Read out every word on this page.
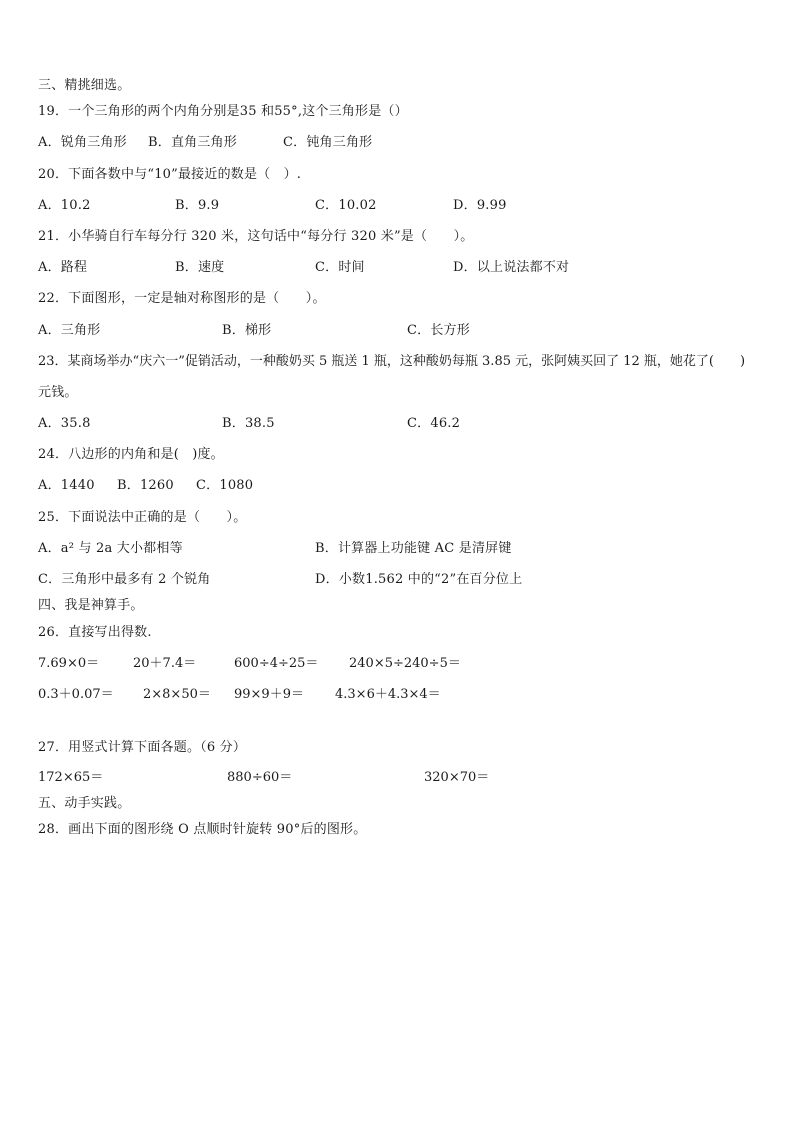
三、精挑细选。
19．一个三角形的两个内角分别是35 和55°,这个三角形是（）
A．锐角三角形 B．直角三角形	C．钝角三角形
20．下面各数中与“10”最接近的数是（　）.
A．10.2	B．9.9	C．10.02	D．9.99
21．小华骑自行车每分行 320 米，这句话中“每分行 320 米”是（　　）。
A．路程	B．速度	C．时间	D．以上说法都不对
22．下面图形，一定是轴对称图形的是（　　）。
A．三角形	B．梯形	C．长方形
23．某商场举办“庆六一”促销活动，一种酸奶买 5 瓶送 1 瓶，这种酸奶每瓶 3.85 元，张阿姨买回了 12 瓶，她花了(　　)
元钱。
A．35.8	B．38.5	C．46.2
24．八边形的内角和是(　)度。
A．1440 B．1260 C．1080
25．下面说法中正确的是（　　）。
A．a² 与 2a 大小都相等	B．计算器上功能键 AC 是清屏键
C．三角形中最多有 2 个锐角	D．小数1.562 中的“2”在百分位上
四、我是神算手。
26．直接写出得数.
7.69×0＝	20＋7.4＝	600÷4÷25＝ 240×5÷240÷5＝
0.3＋0.07＝ 2×8×50＝ 99×9＋9＝ 4.3×6＋4.3×4＝
27．用竖式计算下面各题。（6 分）
172×65＝	880÷60＝	320×70＝
五、动手实践。
28．画出下面的图形绕 O 点顺时针旋转 90°后的图形。
